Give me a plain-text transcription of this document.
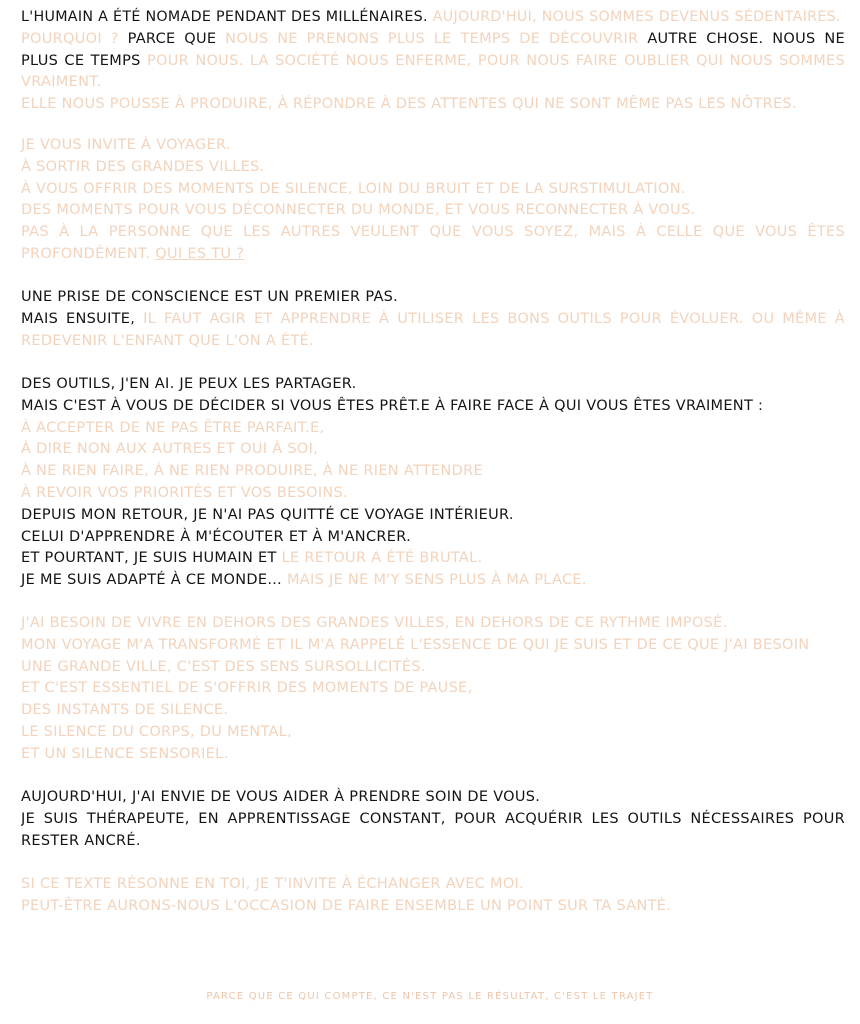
L'HUMAIN A ÉTÉ NOMADE PENDANT DES MILLÉNAIRES. AUJOURD'HUI, NOUS SOMMES DEVENUS SÉDENTAIRES.
POURQUOI ? PARCE QUE NOUS NE PRENONS PLUS LE TEMPS DE DÉCOUVRIR AUTRE CHOSE. NOUS NE
PLUS CE TEMPS POUR NOUS. LA SOCIÉTÉ NOUS ENFERME, POUR NOUS FAIRE OUBLIER QUI NOUS SOMMES
VRAIMENT.
ELLE NOUS POUSSE À PRODUIRE, À RÉPONDRE À DES ATTENTES QUI NE SONT MÊME PAS LES NÔTRES.
JE VOUS INVITE À VOYAGER.
À SORTIR DES GRANDES VILLES.
À VOUS OFFRIR DES MOMENTS DE SILENCE, LOIN DU BRUIT ET DE LA SURSTIMULATION.
DES MOMENTS POUR VOUS DÉCONNECTER DU MONDE, ET VOUS RECONNECTER À VOUS.
PAS À LA PERSONNE QUE LES AUTRES VEULENT QUE VOUS SOYEZ, MAIS À CELLE QUE VOUS ÊTES
PROFONDÉMENT. QUI ES TU ?
UNE PRISE DE CONSCIENCE EST UN PREMIER PAS.
MAIS ENSUITE, IL FAUT AGIR ET APPRENDRE À UTILISER LES BONS OUTILS POUR ÉVOLUER. OU MÊME À
REDEVENIR L'ENFANT QUE L'ON A ÉTÉ.
DES OUTILS, J'EN AI. JE PEUX LES PARTAGER.
MAIS C'EST À VOUS DE DÉCIDER SI VOUS ÊTES PRÊT.E À FAIRE FACE À QUI VOUS ÊTES VRAIMENT :
À ACCEPTER DE NE PAS ÊTRE PARFAIT.E,
À DIRE NON AUX AUTRES ET OUI À SOI,
À NE RIEN FAIRE, À NE RIEN PRODUIRE, À NE RIEN ATTENDRE
À REVOIR VOS PRIORITÉS ET VOS BESOINS.
DEPUIS MON RETOUR, JE N'AI PAS QUITTÉ CE VOYAGE INTÉRIEUR.
CELUI D'APPRENDRE À M'ÉCOUTER ET À M'ANCRER.
ET POURTANT, JE SUIS HUMAIN ET LE RETOUR A ÉTÉ BRUTAL.
JE ME SUIS ADAPTÉ À CE MONDE… MAIS JE NE M'Y SENS PLUS À MA PLACE.
J'AI BESOIN DE VIVRE EN DEHORS DES GRANDES VILLES, EN DEHORS DE CE RYTHME IMPOSÉ.
MON VOYAGE M'A TRANSFORMÉ ET IL M'A RAPPELÉ L'ESSENCE DE QUI JE SUIS ET DE CE QUE J'AI BESOIN
UNE GRANDE VILLE, C'EST DES SENS SURSOLLICITÉS.
ET C'EST ESSENTIEL DE S'OFFRIR DES MOMENTS DE PAUSE,
DES INSTANTS DE SILENCE.
LE SILENCE DU CORPS, DU MENTAL,
ET UN SILENCE SENSORIEL.
AUJOURD'HUI, J'AI ENVIE DE VOUS AIDER À PRENDRE SOIN DE VOUS.
JE SUIS THÉRAPEUTE, EN APPRENTISSAGE CONSTANT, POUR ACQUÉRIR LES OUTILS NÉCESSAIRES POUR
RESTER ANCRÉ.
SI CE TEXTE RÉSONNE EN TOI, JE T'INVITE À ÉCHANGER AVEC MOI.
PEUT-ÊTRE AURONS-NOUS L'OCCASION DE FAIRE ENSEMBLE UN POINT SUR TA SANTÉ.
PARCE QUE CE QUI COMPTE, CE N'EST PAS LE RÉSULTAT, C'EST LE TRAJET
